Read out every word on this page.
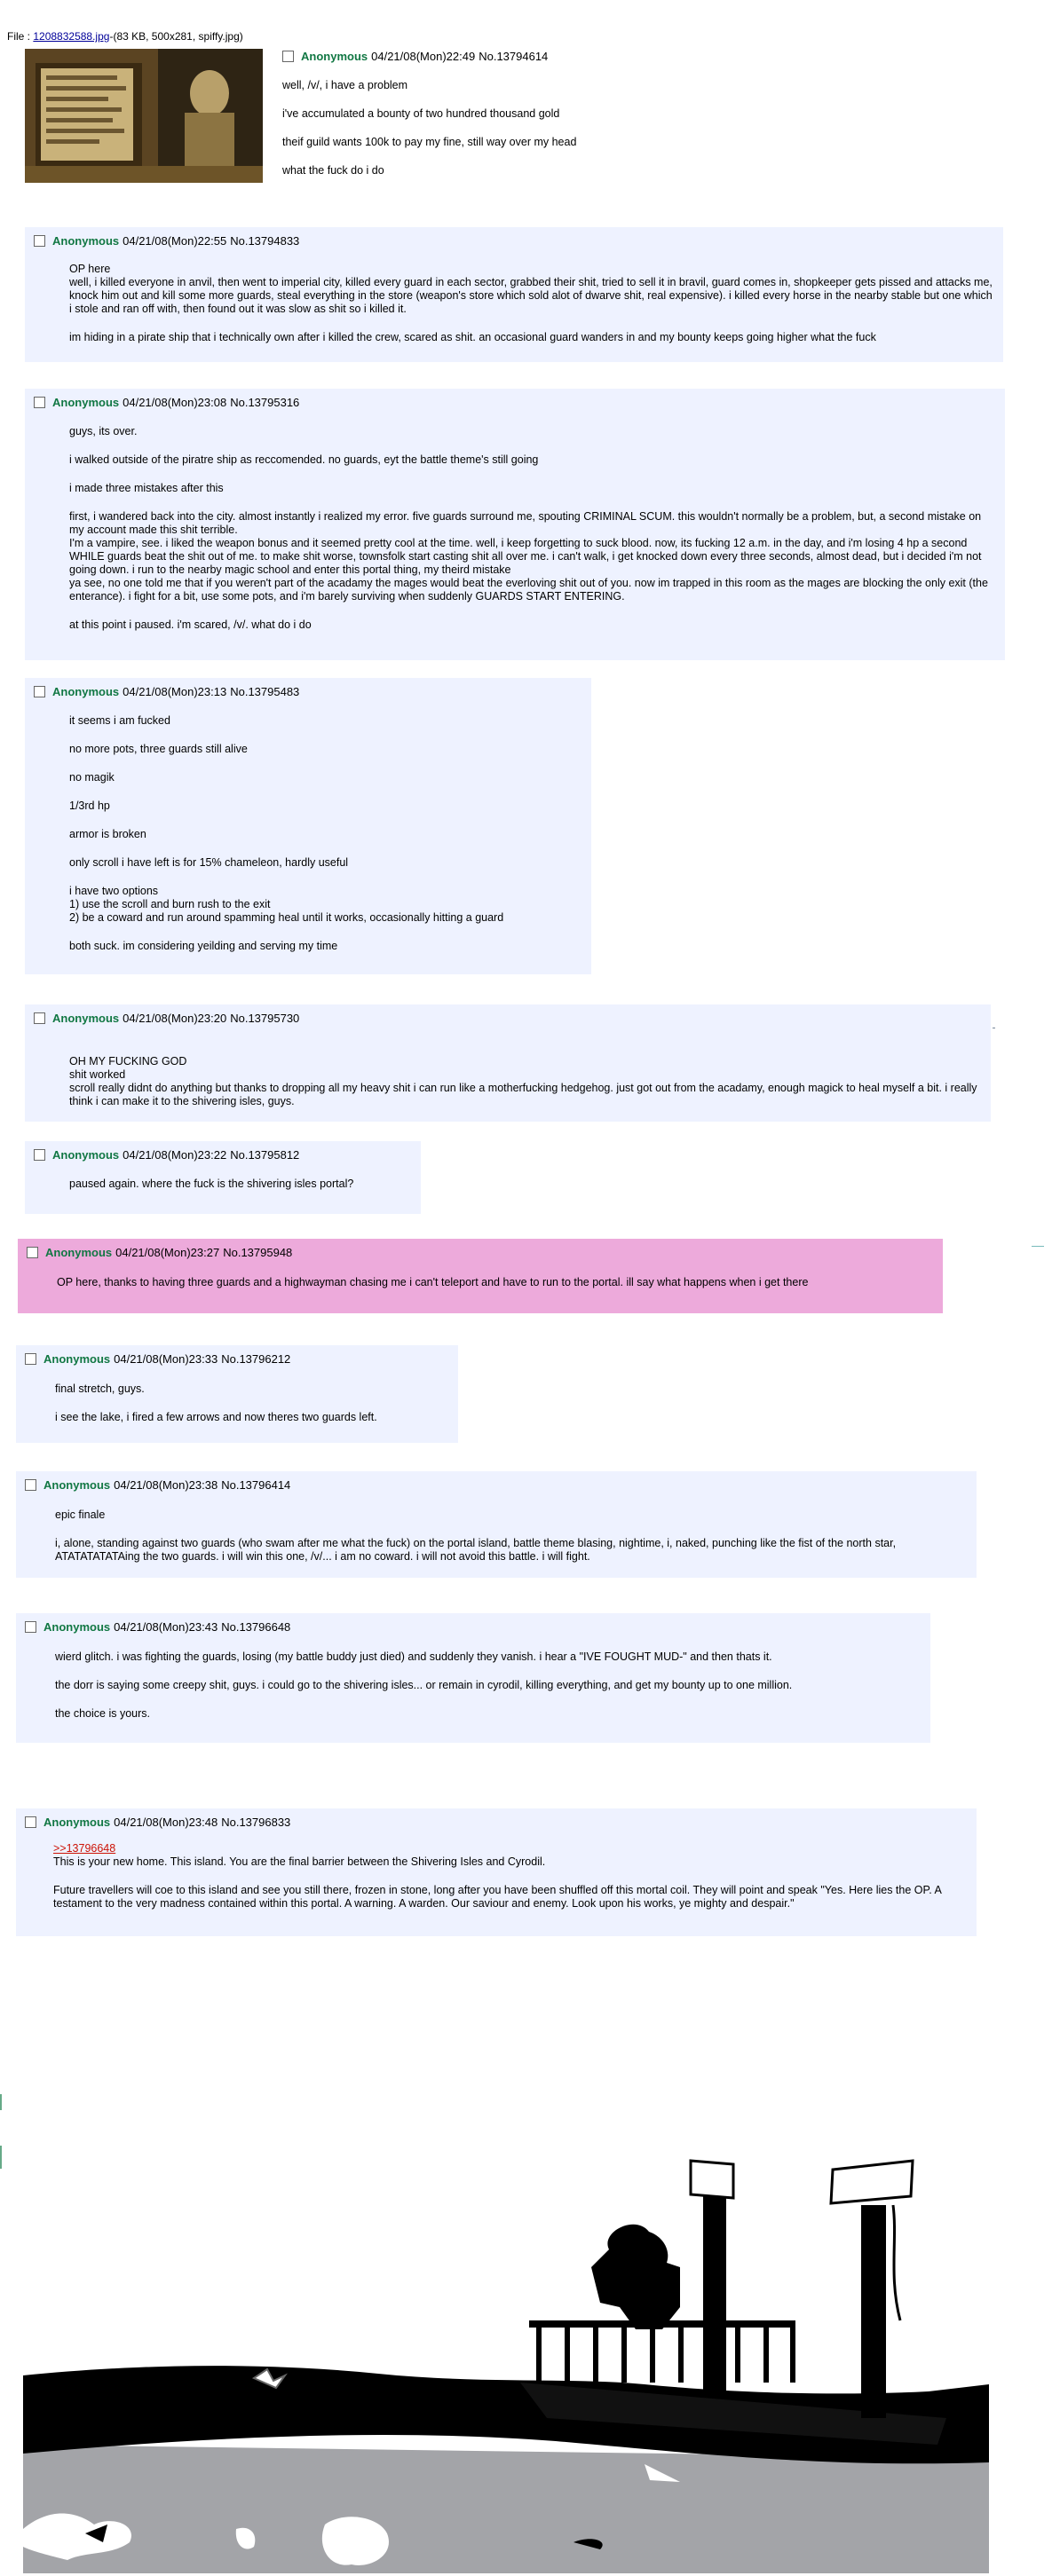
File : 1208832588.jpg-(83 KB, 500x281, spiffy.jpg)
Anonymous 04/21/08(Mon)22:49 No.13794614

well, /v/, i have a problem

i've accumulated a bounty of two hundred thousand gold

theif guild wants 100k to pay my fine, still way over my head

what the fuck do i do

Anonymous 04/21/08(Mon)22:55 No.13794833

OP here

well, i killed everyone in anvil, then went to imperial city, killed every guard in each sector, grabbed their shit, tried to sell it in bravil, guard comes in, shopkeeper gets pissed and attacks me, knock him out and kill some more guards, steal everything in the store (weapon's store which sold alot of dwarve shit, real expensive). i killed every horse in the nearby stable but one which i stole and ran off with, then found out it was slow as shit so i killed it.

im hiding in a pirate ship that i technically own after i killed the crew, scared as shit. an occasional guard wanders in and my bounty keeps going higher what the fuck

Anonymous 04/21/08(Mon)23:08 No.13795316

guys, its over.

i walked outside of the piratre ship as reccomended. no guards, eyt the battle theme's still going

i made three mistakes after this

first, i wandered back into the city. almost instantly i realized my error. five guards surround me, spouting CRIMINAL SCUM. this wouldn't normally be a problem, but, a second mistake on my account made this shit terrible.
I'm a vampire, see. i liked the weapon bonus and it seemed pretty cool at the time. well, i keep forgetting to suck blood. now, its fucking 12 a.m. in the day, and i'm losing 4 hp a second WHILE guards beat the shit out of me. to make shit worse, townsfolk start casting shit all over me. i can't walk, i get knocked down every three seconds, almost dead, but i decided i'm not going down. i run to the nearby magic school and enter this portal thing, my theird mistake
ya see, no one told me that if you weren't part of the acadamy the mages would beat the everloving shit out of you. now im trapped in this room as the mages are blocking the only exit (the enterance). i fight for a bit, use some pots, and i'm barely surviving when suddenly GUARDS START ENTERING.

at this point i paused. i'm scared, /v/. what do i do

Anonymous 04/21/08(Mon)23:13 No.13795483

it seems i am fucked

no more pots, three guards still alive

no magik

1/3rd hp

armor is broken

only scroll i have left is for 15% chameleon, hardly useful

i have two options
1) use the scroll and burn rush to the exit
2) be a coward and run around spamming heal until it works, occasionally hitting a guard

both suck. im considering yeilding and serving my time

Anonymous 04/21/08(Mon)23:20 No.13795730

OH MY FUCKING GOD
shit worked
scroll really didnt do anything but thanks to dropping all my heavy shit i can run like a motherfucking hedgehog. just got out from the acadamy, enough magick to heal myself a bit. i really think i can make it to the shivering isles, guys.

Anonymous 04/21/08(Mon)23:22 No.13795812

paused again. where the fuck is the shivering isles portal?

Anonymous 04/21/08(Mon)23:27 No.13795948

OP here, thanks to having three guards and a highwayman chasing me i can't teleport and have to run to the portal. ill say what happens when i get there

Anonymous 04/21/08(Mon)23:33 No.13796212

final stretch, guys.

i see the lake, i fired a few arrows and now theres two guards left.

Anonymous 04/21/08(Mon)23:38 No.13796414

epic finale

i, alone, standing against two guards (who swam after me what the fuck) on the portal island, battle theme blasing, nightime, i, naked, punching like the fist of the north star, ATATATATATAing the two guards. i will win this one, /v/... i am no coward. i will not avoid this battle. i will fight.

Anonymous 04/21/08(Mon)23:43 No.13796648

wierd glitch. i was fighting the guards, losing (my battle buddy just died) and suddenly they vanish. i hear a "IVE FOUGHT MUD-" and then thats it.

the dorr is saying some creepy shit, guys. i could go to the shivering isles... or remain in cyrodil, killing everything, and get my bounty up to one million.

the choice is yours.

Anonymous 04/21/08(Mon)23:48 No.13796833
>>13796648

This is your new home. This island. You are the final barrier between the Shivering Isles and Cyrodil.

Future travellers will coe to this island and see you still there, frozen in stone, long after you have been shuffled off this mortal coil. They will point and speak "Yes. Here lies the OP. A testament to the very madness contained within this portal. A warning. A warden. Our saviour and enemy. Look upon his works, ye mighty and despair."
